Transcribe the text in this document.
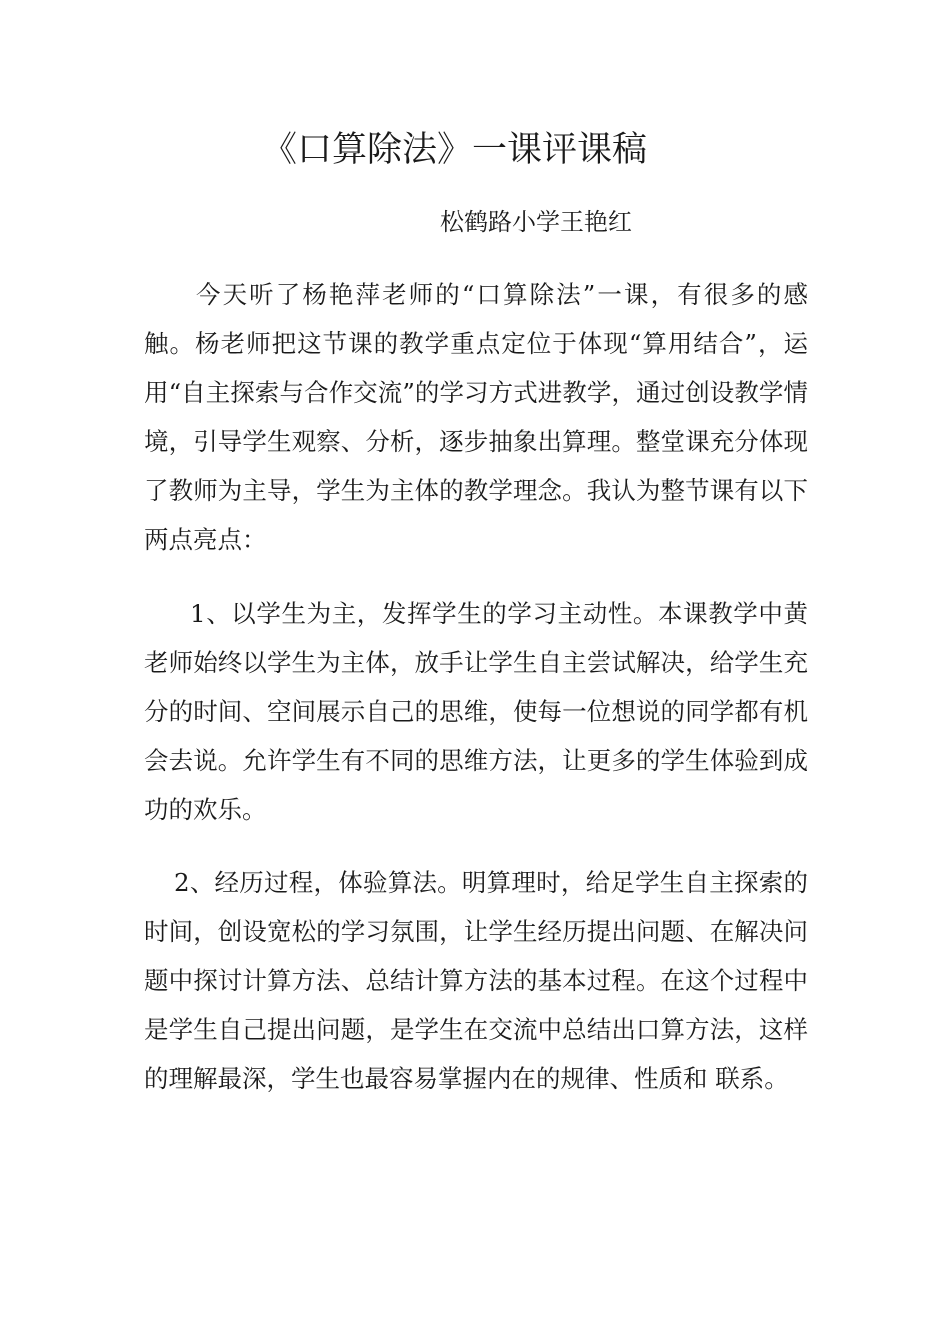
《口算除法》一课评课稿
松鹤路小学王艳红

今天听了杨艳萍老师的“口算除法”一课，有很多的感触。杨老师把这节课的教学重点定位于体现“算用结合”，运用“自主探索与合作交流”的学习方式进教学，通过创设教学情境，引导学生观察、分析，逐步抽象出算理。整堂课充分体现了教师为主导，学生为主体的教学理念。我认为整节课有以下两点亮点：

1、以学生为主，发挥学生的学习主动性。本课教学中黄老师始终以学生为主体，放手让学生自主尝试解决，给学生充分的时间、空间展示自己的思维，使每一位想说的同学都有机会去说。允许学生有不同的思维方法，让更多的学生体验到成功的欢乐。

2、经历过程，体验算法。明算理时，给足学生自主探索的时间，创设宽松的学习氛围，让学生经历提出问题、在解决问题中探讨计算方法、总结计算方法的基本过程。在这个过程中是学生自己提出问题，是学生在交流中总结出口算方法，这样的理解最深，学生也最容易掌握内在的规律、性质和 联系。
